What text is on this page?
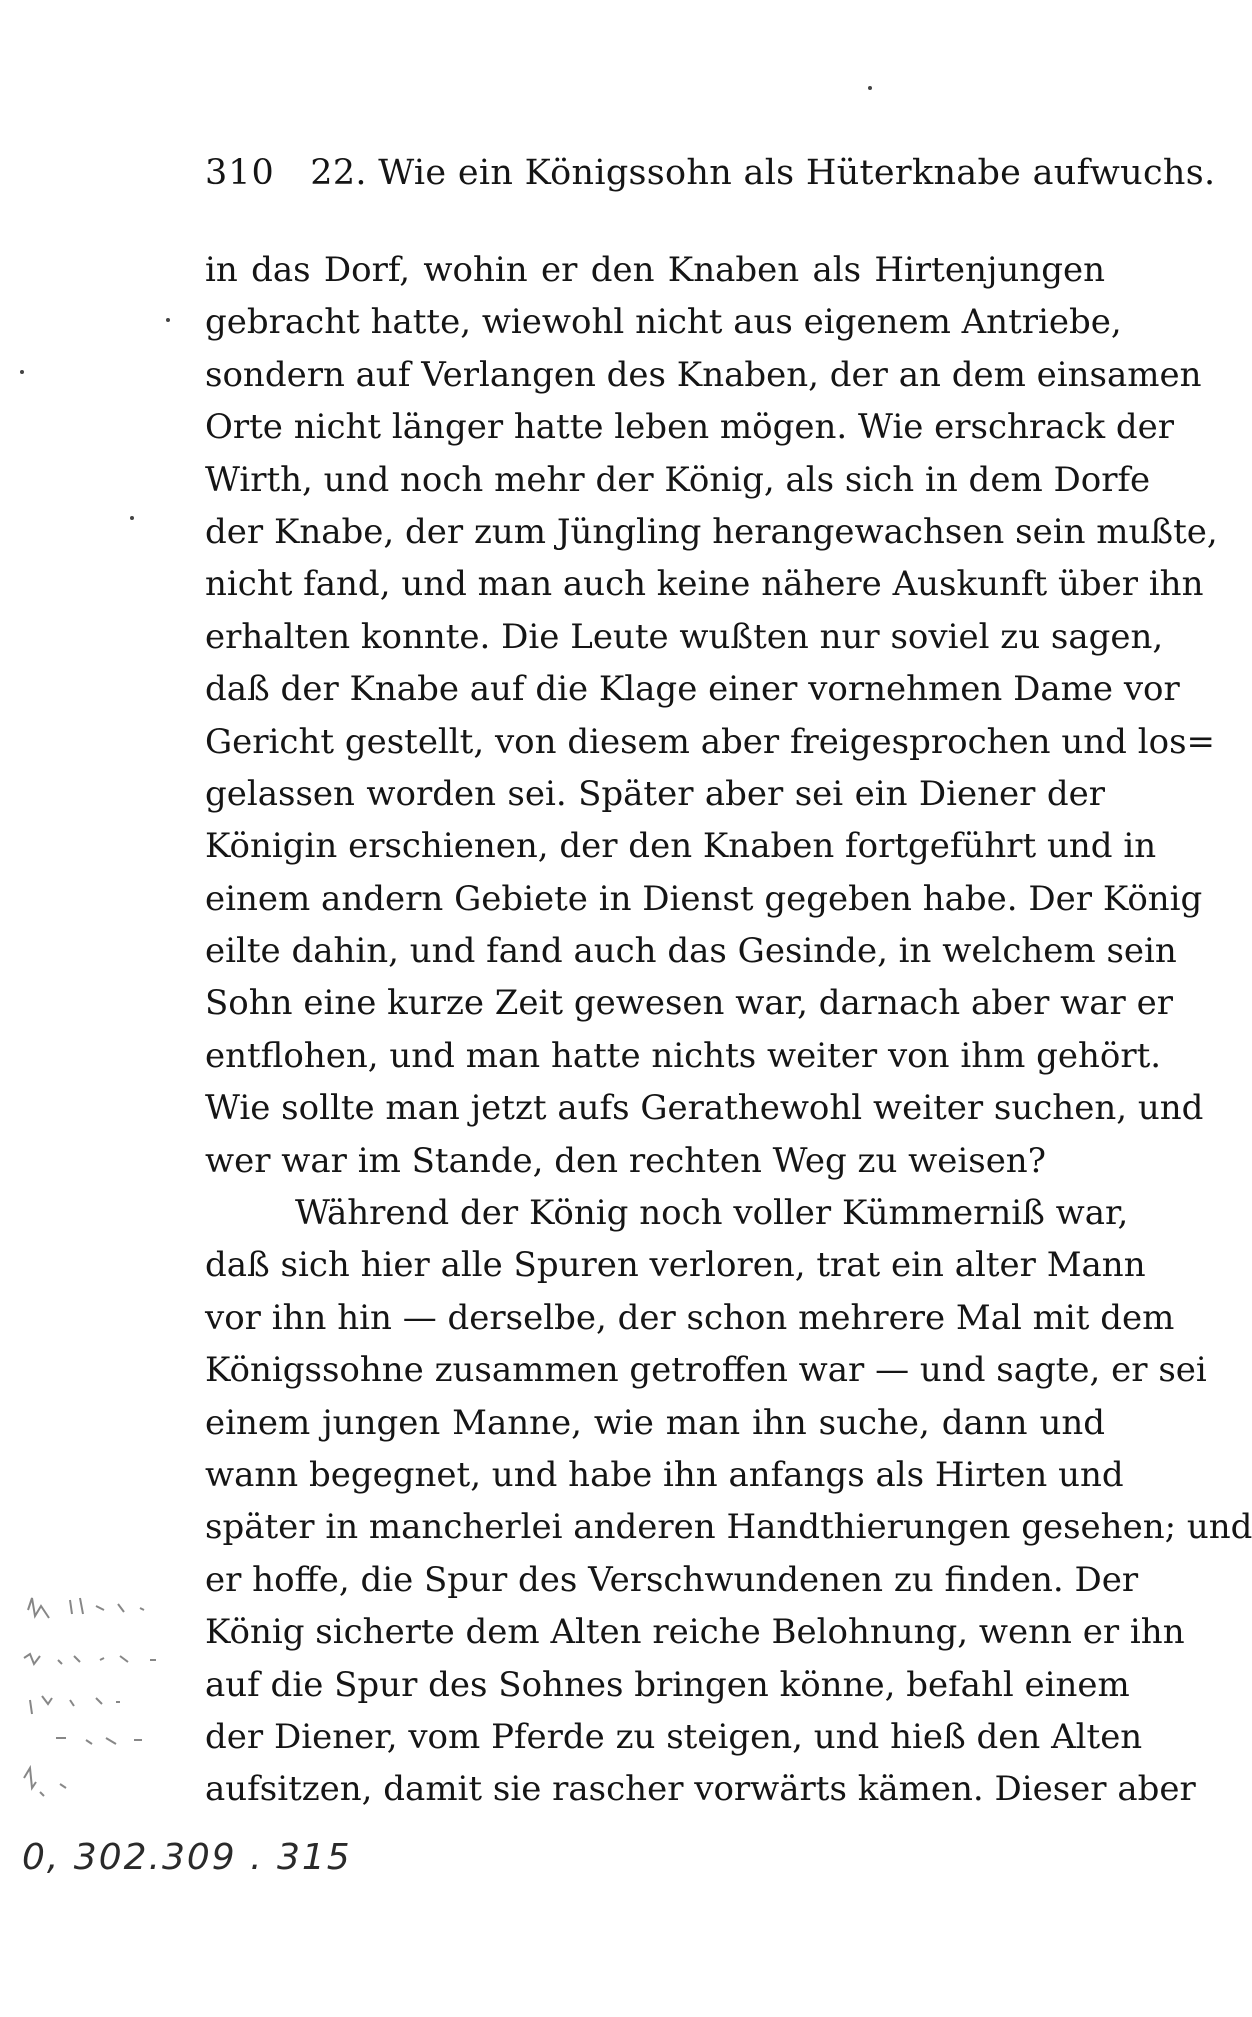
310 22. Wie ein Königssohn als Hüterknabe aufwuchs.
in das Dorf, wohin er den Knaben als Hirtenjungen
gebracht hatte, wiewohl nicht aus eigenem Antriebe,
sondern auf Verlangen des Knaben, der an dem einsamen
Orte nicht länger hatte leben mögen. Wie erschrack der
Wirth, und noch mehr der König, als sich in dem Dorfe
der Knabe, der zum Jüngling herangewachsen sein mußte,
nicht fand, und man auch keine nähere Auskunft über ihn
erhalten konnte. Die Leute wußten nur soviel zu sagen,
daß der Knabe auf die Klage einer vornehmen Dame vor
Gericht gestellt, von diesem aber freigesprochen und los=
gelassen worden sei. Später aber sei ein Diener der
Königin erschienen, der den Knaben fortgeführt und in
einem andern Gebiete in Dienst gegeben habe. Der König
eilte dahin, und fand auch das Gesinde, in welchem sein
Sohn eine kurze Zeit gewesen war, darnach aber war er
entflohen, und man hatte nichts weiter von ihm gehört.
Wie sollte man jetzt aufs Gerathewohl weiter suchen, und
wer war im Stande, den rechten Weg zu weisen?
Während der König noch voller Kümmerniß war,
daß sich hier alle Spuren verloren, trat ein alter Mann
vor ihn hin — derselbe, der schon mehrere Mal mit dem
Königssohne zusammen getroffen war — und sagte, er sei
einem jungen Manne, wie man ihn suche, dann und
wann begegnet, und habe ihn anfangs als Hirten und
später in mancherlei anderen Handthierungen gesehen; und
er hoffe, die Spur des Verschwundenen zu finden. Der
König sicherte dem Alten reiche Belohnung, wenn er ihn
auf die Spur des Sohnes bringen könne, befahl einem
der Diener, vom Pferde zu steigen, und hieß den Alten
aufsitzen, damit sie rascher vorwärts kämen. Dieser aber
0, 302.309 . 315
